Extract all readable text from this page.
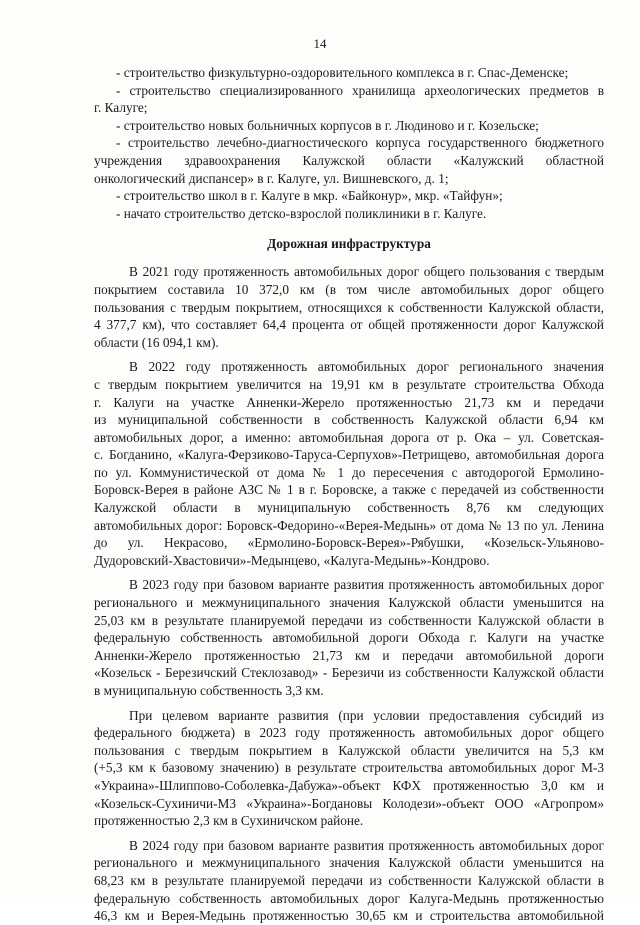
14
- строительство физкультурно-оздоровительного комплекса в г. Спас-Деменске;
- строительство специализированного хранилища археологических предметов в
г. Калуге;
- строительство новых больничных корпусов в г. Людиново и г. Козельске;
- строительство лечебно-диагностического корпуса государственного бюджетного
учреждения здравоохранения Калужской области «Калужский областной
онкологический диспансер» в г. Калуге, ул. Вишневского, д. 1;
- строительство школ в г. Калуге в мкр. «Байконур», мкр. «Тайфун»;
- начато строительство детско-взрослой поликлиники в г. Калуге.
Дорожная инфраструктура
В 2021 году протяженность автомобильных дорог общего пользования с твердым
покрытием составила 10 372,0 км (в том числе автомобильных дорог общего
пользования с твердым покрытием, относящихся к собственности Калужской области,
4 377,7 км), что составляет 64,4 процента от общей протяженности дорог Калужской
области (16 094,1 км).
В 2022 году протяженность автомобильных дорог регионального значения
с твердым покрытием увеличится на 19,91 км в результате строительства Обхода
г. Калуги на участке Анненки-Жерело протяженностью 21,73 км и передачи
из муниципальной собственности в собственность Калужской области 6,94 км
автомобильных дорог, а именно: автомобильная дорога от р. Ока – ул. Советская-
с. Богданино, «Калуга-Ферзиково-Таруса-Серпухов»-Петрищево, автомобильная дорога
по ул. Коммунистической от дома № 1 до пересечения с автодорогой Ермолино-
Боровск-Верея в районе АЗС № 1 в г. Боровске, а также с передачей из собственности
Калужской области в муниципальную собственность 8,76 км следующих
автомобильных дорог: Боровск-Федорино-«Верея-Медынь» от дома № 13 по ул. Ленина
до ул. Некрасово, «Ермолино-Боровск-Верея»-Рябушки, «Козельск-Ульяново-
Дудоровский-Хвастовичи»-Медынцево, «Калуга-Медынь»-Кондрово.
В 2023 году при базовом варианте развития протяженность автомобильных дорог
регионального и межмуниципального значения Калужской области уменьшится на
25,03 км в результате планируемой передачи из собственности Калужской области в
федеральную собственность автомобильной дороги Обхода г. Калуги на участке
Анненки-Жерело протяженностью 21,73 км и передачи автомобильной дороги
«Козельск - Березичский Стеклозавод» - Березичи из собственности Калужской области
в муниципальную собственность 3,3 км.
При целевом варианте развития (при условии предоставления субсидий из
федерального бюджета) в 2023 году протяженность автомобильных дорог общего
пользования с твердым покрытием в Калужской области увеличится на 5,3 км
(+5,3 км к базовому значению) в результате строительства автомобильных дорог М-3
«Украина»-Шлиппово-Соболевка-Дабужа»-объект КФХ протяженностью 3,0 км и
«Козельск-Сухиничи-М3 «Украина»-Богдановы Колодези»-объект ООО «Агропром»
протяженностью 2,3 км в Сухиничском районе.
В 2024 году при базовом варианте развития протяженность автомобильных дорог
регионального и межмуниципального значения Калужской области уменьшится на
68,23 км в результате планируемой передачи из собственности Калужской области в
федеральную собственность автомобильных дорог Калуга-Медынь протяженностью
46,3 км и Верея-Медынь протяженностью 30,65 км и строительства автомобильной
